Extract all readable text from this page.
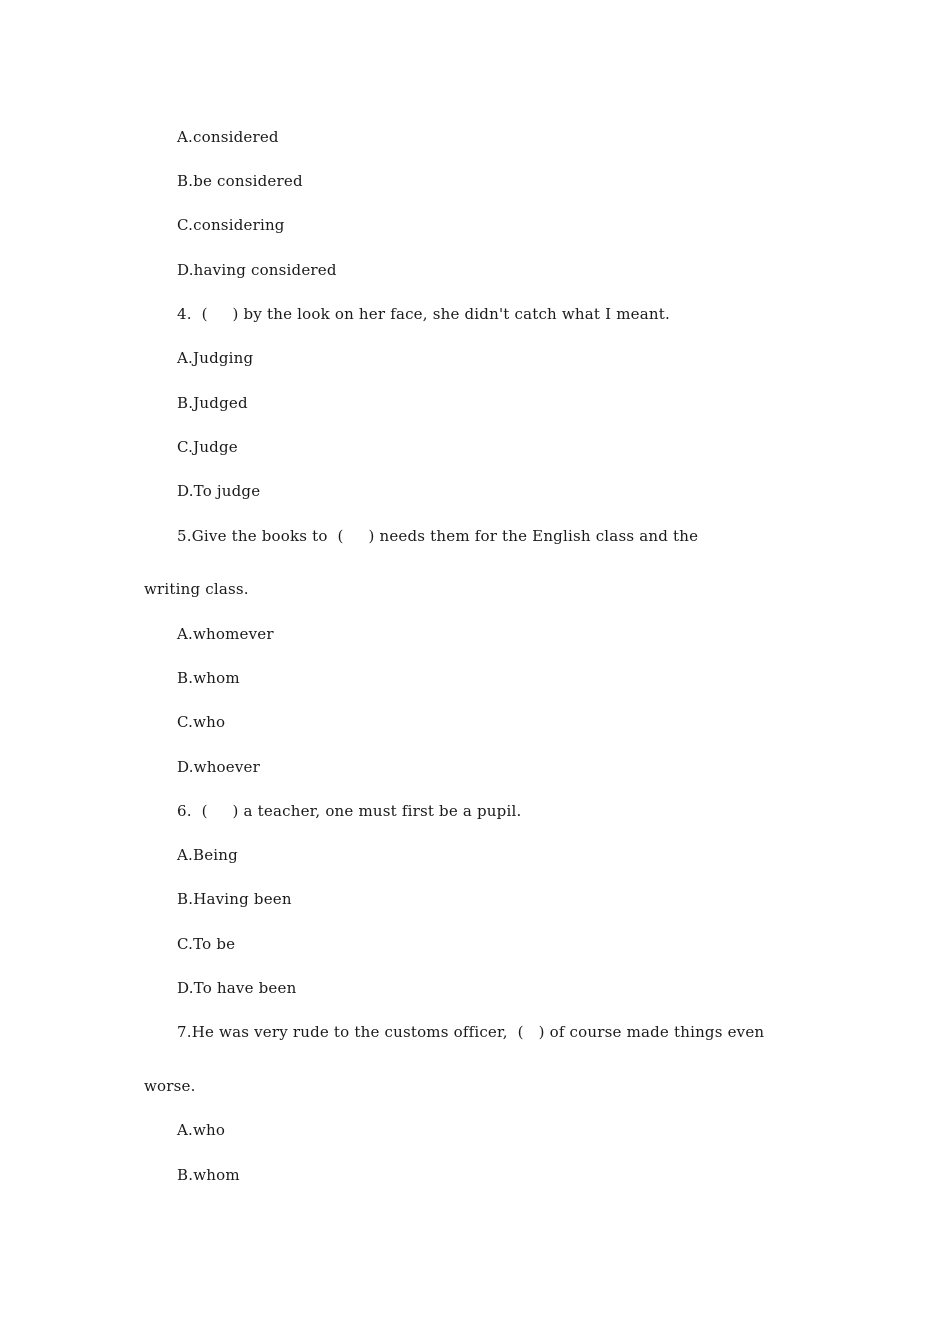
A.considered
B.be considered
C.considering
D.having considered
4.  (     ) by the look on her face, she didn't catch what I meant.
A.Judging
B.Judged
C.Judge
D.To judge
5.Give the books to  (     ) needs them for the English class and the
writing class.
A.whomever
B.whom
C.who
D.whoever
6.  (     ) a teacher, one must first be a pupil.
A.Being
B.Having been
C.To be
D.To have been
7.He was very rude to the customs officer,  (   ) of course made things even
worse.
A.who
B.whom
